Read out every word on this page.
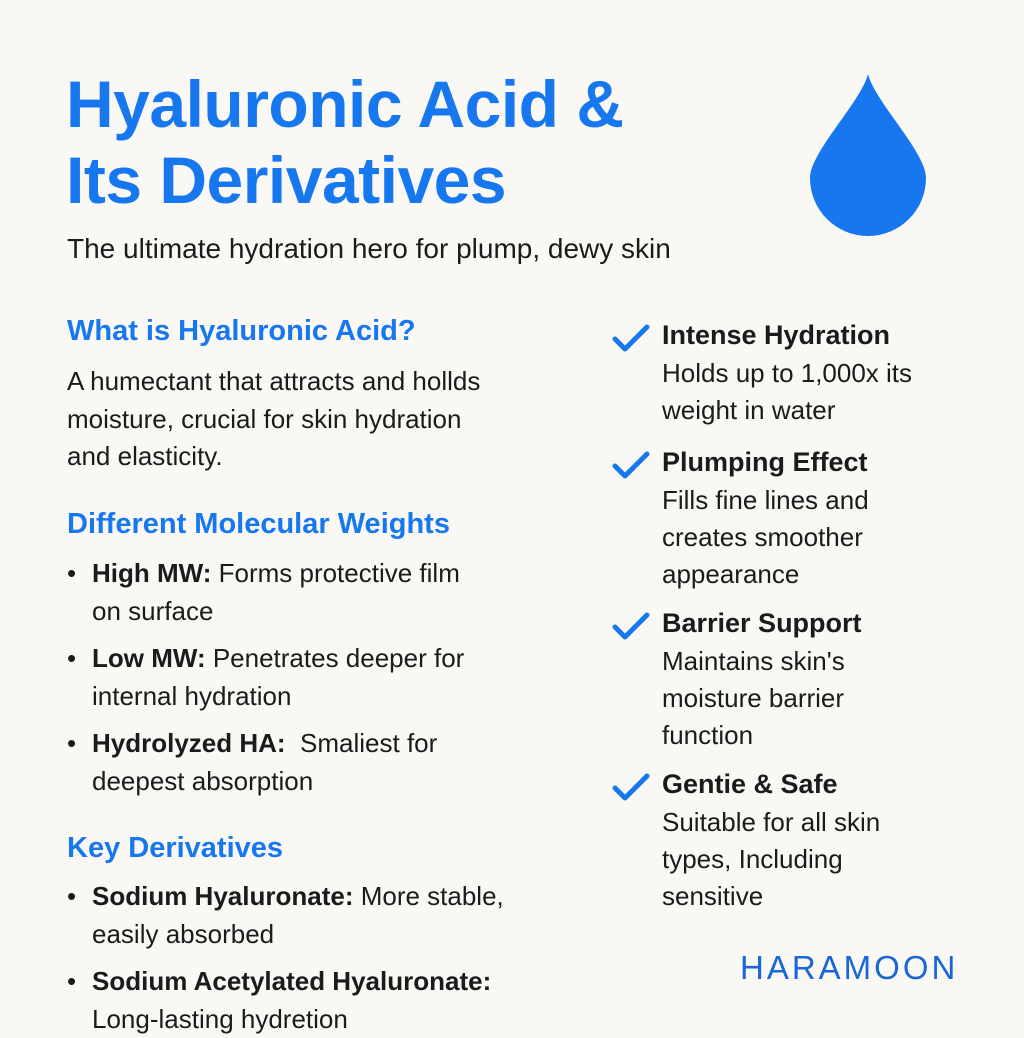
Hyaluronic Acid &
Its Derivatives
The ultimate hydration hero for plump, dewy skin
What is Hyaluronic Acid?
A humectant that attracts and hollds
moisture, crucial for skin hydration
and elasticity.
Different Molecular Weights
• High MW: Forms protective film
on surface
• Low MW: Penetrates deeper for
internal hydration
• Hydrolyzed HA:  Smaliest for
deepest absorption
Key Derivatives
• Sodium Hyaluronate: More stable,
easily absorbed
• Sodium Acetylated Hyaluronate:
Long-lasting hydretion
Intense Hydration
Holds up to 1,000x its
weight in water
Plumping Effect
Fills fine lines and
creates smoother
appearance
Barrier Support
Maintains skin's
moisture barrier
function
Gentie & Safe
Suitable for all skin
types, Including
sensitive
HARAMOON
